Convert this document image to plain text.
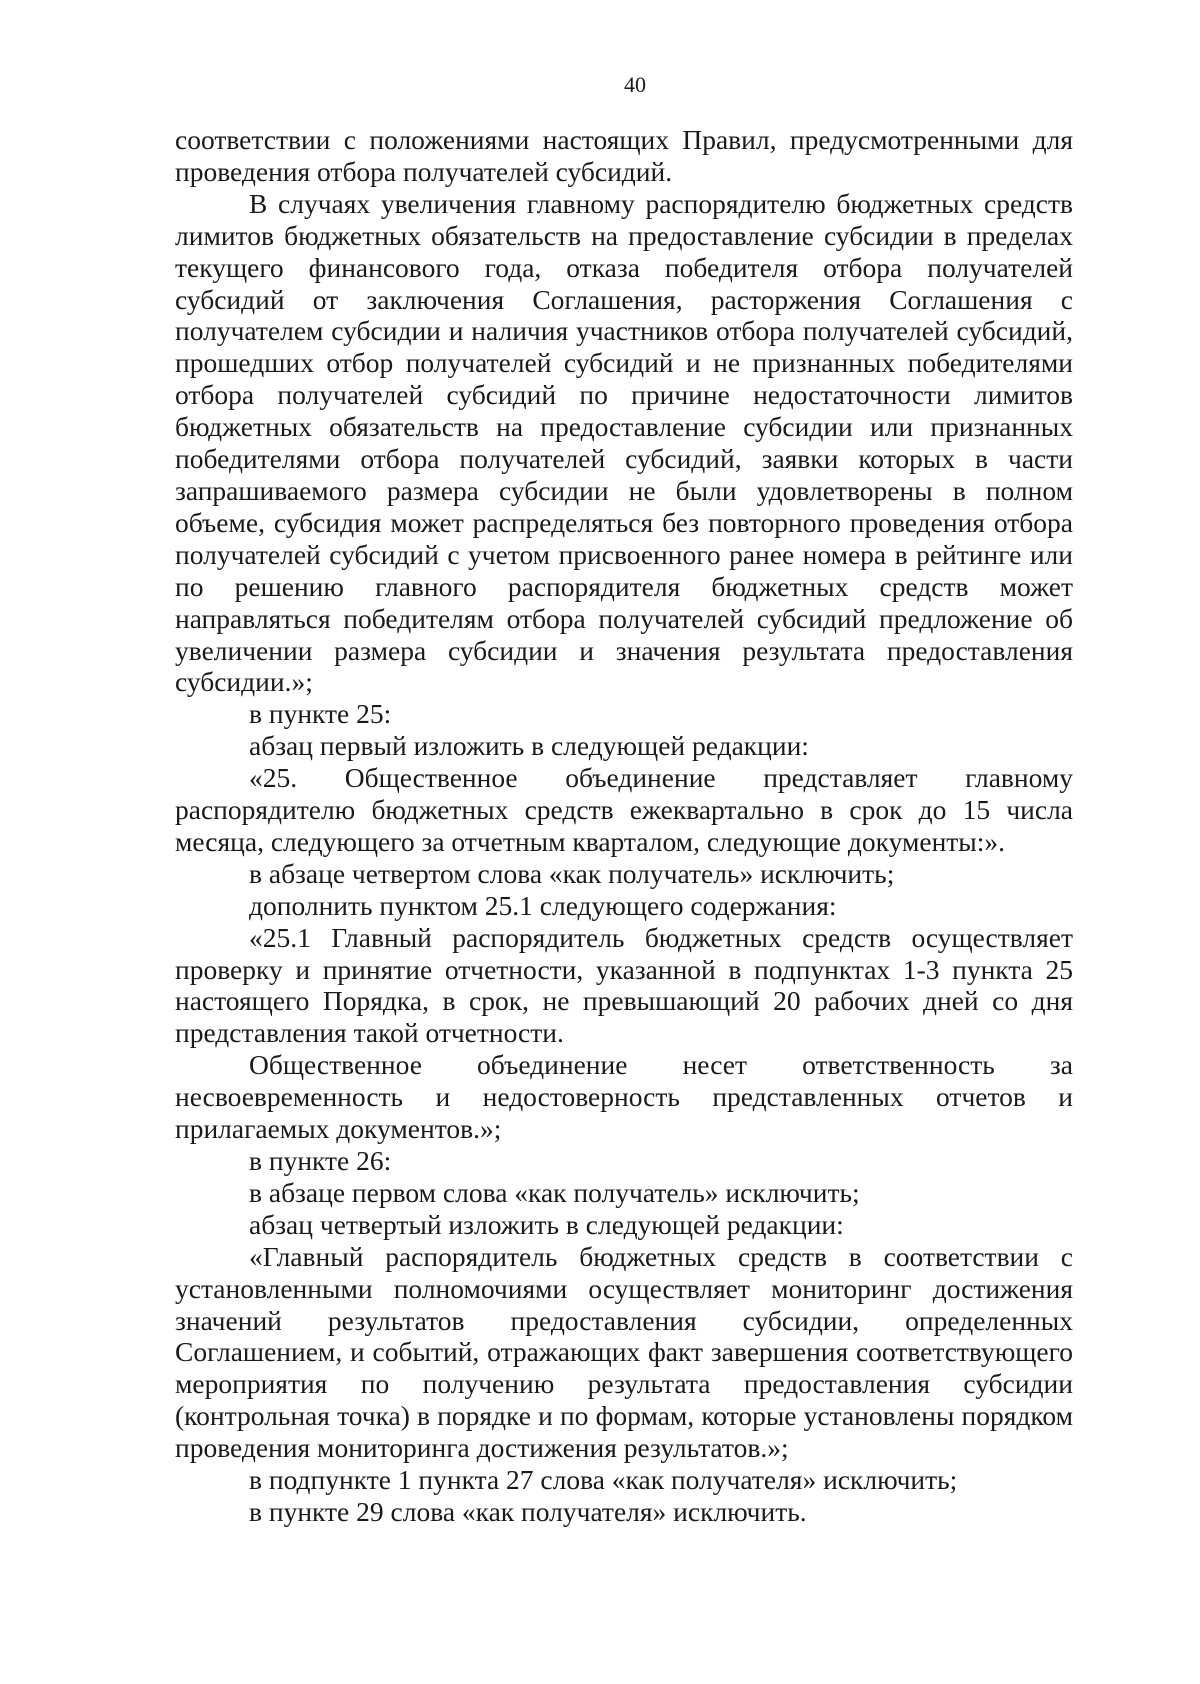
40

соответствии с положениями настоящих Правил, предусмотренными для проведения отбора получателей субсидий.

В случаях увеличения главному распорядителю бюджетных средств лимитов бюджетных обязательств на предоставление субсидии в пределах текущего финансового года, отказа победителя отбора получателей субсидий от заключения Соглашения, расторжения Соглашения с получателем субсидии и наличия участников отбора получателей субсидий, прошедших отбор получателей субсидий и не признанных победителями отбора получателей субсидий по причине недостаточности лимитов бюджетных обязательств на предоставление субсидии или признанных победителями отбора получателей субсидий, заявки которых в части запрашиваемого размера субсидии не были удовлетворены в полном объеме, субсидия может распределяться без повторного проведения отбора получателей субсидий с учетом присвоенного ранее номера в рейтинге или по решению главного распорядителя бюджетных средств может направляться победителям отбора получателей субсидий предложение об увеличении размера субсидии и значения результата предоставления субсидии.»;

в пункте 25:

абзац первый изложить в следующей редакции:

«25. Общественное объединение представляет главному распорядителю бюджетных средств ежеквартально в срок до 15 числа месяца, следующего за отчетным кварталом, следующие документы:».

в абзаце четвертом слова «как получатель» исключить;

дополнить пунктом 25.1 следующего содержания:

«25.1 Главный распорядитель бюджетных средств осуществляет проверку и принятие отчетности, указанной в подпунктах 1-3 пункта 25 настоящего Порядка, в срок, не превышающий 20 рабочих дней со дня представления такой отчетности.

Общественное объединение несет ответственность за несвоевременность и недостоверность представленных отчетов и прилагаемых документов.»;

в пункте 26:

в абзаце первом слова «как получатель» исключить;

абзац четвертый изложить в следующей редакции:

«Главный распорядитель бюджетных средств в соответствии с установленными полномочиями осуществляет мониторинг достижения значений результатов предоставления субсидии, определенных Соглашением, и событий, отражающих факт завершения соответствующего мероприятия по получению результата предоставления субсидии (контрольная точка) в порядке и по формам, которые установлены порядком проведения мониторинга достижения результатов.»;

в подпункте 1 пункта 27 слова «как получателя» исключить;

в пункте 29 слова «как получателя» исключить.
